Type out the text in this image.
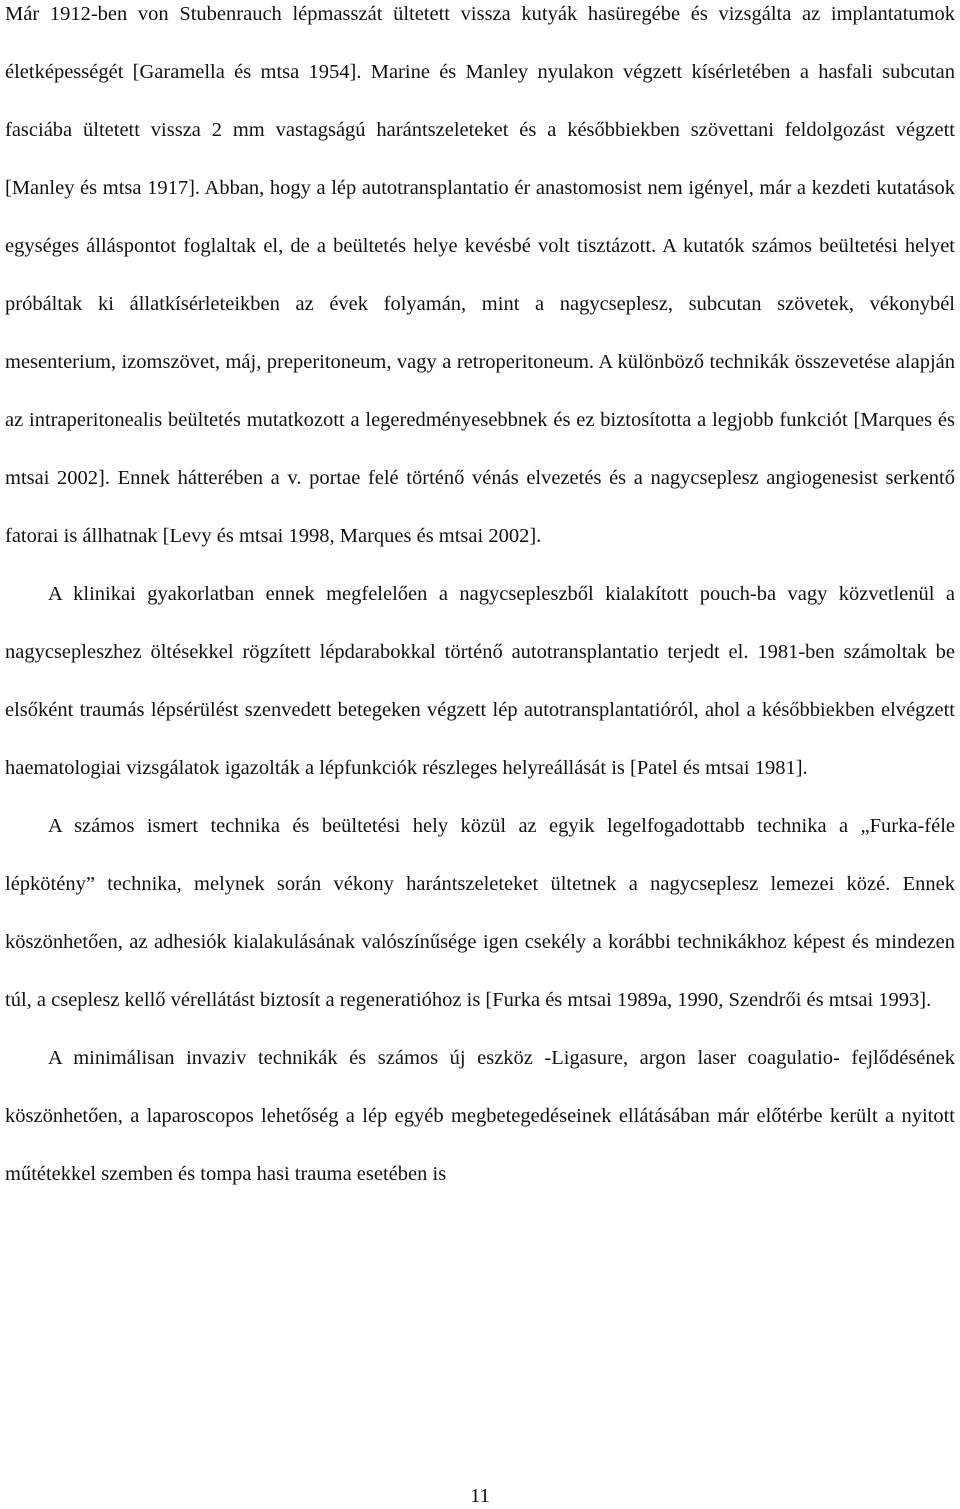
Már 1912-ben von Stubenrauch lépmasszát ültetett vissza kutyák hasüregébe és vizsgálta az implantatumok életképességét [Garamella és mtsa 1954]. Marine és Manley nyulakon végzett kísérletében a hasfali subcutan fasciába ültetett vissza 2 mm vastagságú harántszeleteket és a későbbiekben szövettani feldolgozást végzett [Manley és mtsa 1917]. Abban, hogy a lép autotransplantatio ér anastomosist nem igényel, már a kezdeti kutatások egységes álláspontot foglaltak el, de a beültetés helye kevésbé volt tisztázott. A kutatók számos beültetési helyet próbáltak ki állatkísérleteikben az évek folyamán, mint a nagycseplesz, subcutan szövetek, vékonybél mesenterium, izomszövet, máj, preperitoneum, vagy a retroperitoneum. A különböző technikák összevetése alapján az intraperitonealis beültetés mutatkozott a legeredményesebbnek és ez biztosította a legjobb funkciót [Marques és mtsai 2002]. Ennek hátterében a v. portae felé történő vénás elvezetés és a nagycseplesz angiogenesist serkentő fatorai is állhatnak [Levy és mtsai 1998, Marques és mtsai 2002].

A klinikai gyakorlatban ennek megfelelően a nagycsepleszből kialakított pouch-ba vagy közvetlenül a nagycsepleszhez öltésekkel rögzített lépdarabokkal történő autotransplantatio terjedt el. 1981-ben számoltak be elsőként traumás lépsérülést szenvedett betegeken végzett lép autotransplantatióról, ahol a későbbiekben elvégzett haematologiai vizsgálatok igazolták a lépfunkciók részleges helyreállását is [Patel és mtsai 1981].

A számos ismert technika és beültetési hely közül az egyik legelfogadottabb technika a „Furka-féle lépkötény” technika, melynek során vékony harántszeleteket ültetnek a nagycseplesz lemezei közé. Ennek köszönhetően, az adhesiók kialakulásának valószínűsége igen csekély a korábbi technikákhoz képest és mindezen túl, a cseplesz kellő vérellátást biztosít a regeneratióhoz is [Furka és mtsai 1989a, 1990, Szendrői és mtsai 1993].

A minimálisan invaziv technikák és számos új eszköz -Ligasure, argon laser coagulatio- fejlődésének köszönhetően, a laparoscopos lehetőség a lép egyéb megbetegedéseinek ellátásában már előtérbe került a nyitott műtétekkel szemben és tompa hasi trauma esetében is

11
